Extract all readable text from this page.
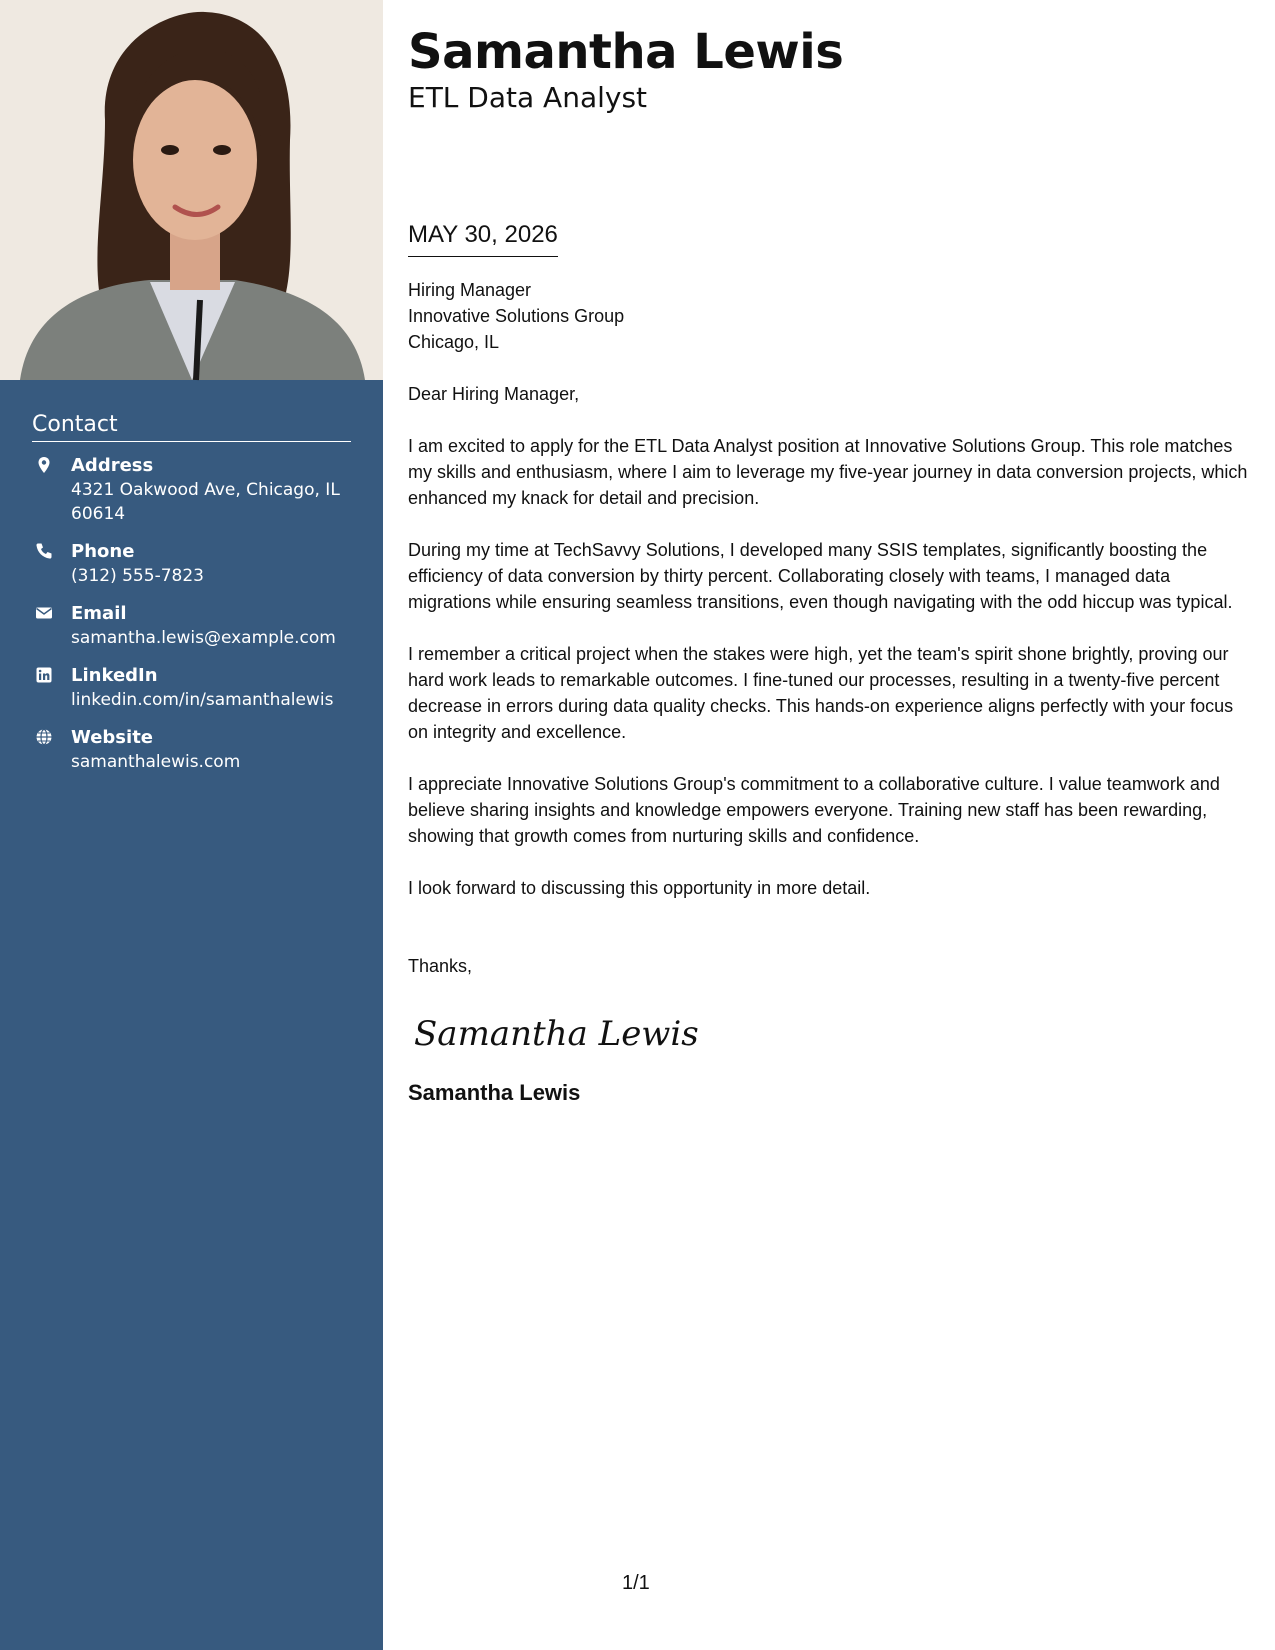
Contact
Address
4321 Oakwood Ave, Chicago, IL 60614
Phone
(312) 555-7823
Email
samantha.lewis@example.com
LinkedIn
linkedin.com/in/samanthalewis
Website
samanthalewis.com
Samantha Lewis
ETL Data Analyst
MAY 30, 2026
Hiring Manager
Innovative Solutions Group
Chicago, IL

Dear Hiring Manager,

I am excited to apply for the ETL Data Analyst position at Innovative Solutions Group. This role matches my skills and enthusiasm, where I aim to leverage my five-year journey in data conversion projects, which enhanced my knack for detail and precision.

During my time at TechSavvy Solutions, I developed many SSIS templates, significantly boosting the efficiency of data conversion by thirty percent. Collaborating closely with teams, I managed data migrations while ensuring seamless transitions, even though navigating with the odd hiccup was typical.

I remember a critical project when the stakes were high, yet the team's spirit shone brightly, proving our hard work leads to remarkable outcomes. I fine-tuned our processes, resulting in a twenty-five percent decrease in errors during data quality checks. This hands-on experience aligns perfectly with your focus on integrity and excellence.

I appreciate Innovative Solutions Group's commitment to a collaborative culture. I value teamwork and believe sharing insights and knowledge empowers everyone. Training new staff has been rewarding, showing that growth comes from nurturing skills and confidence.

I look forward to discussing this opportunity in more detail.

Thanks,
Samantha Lewis
Samantha Lewis
1/1
